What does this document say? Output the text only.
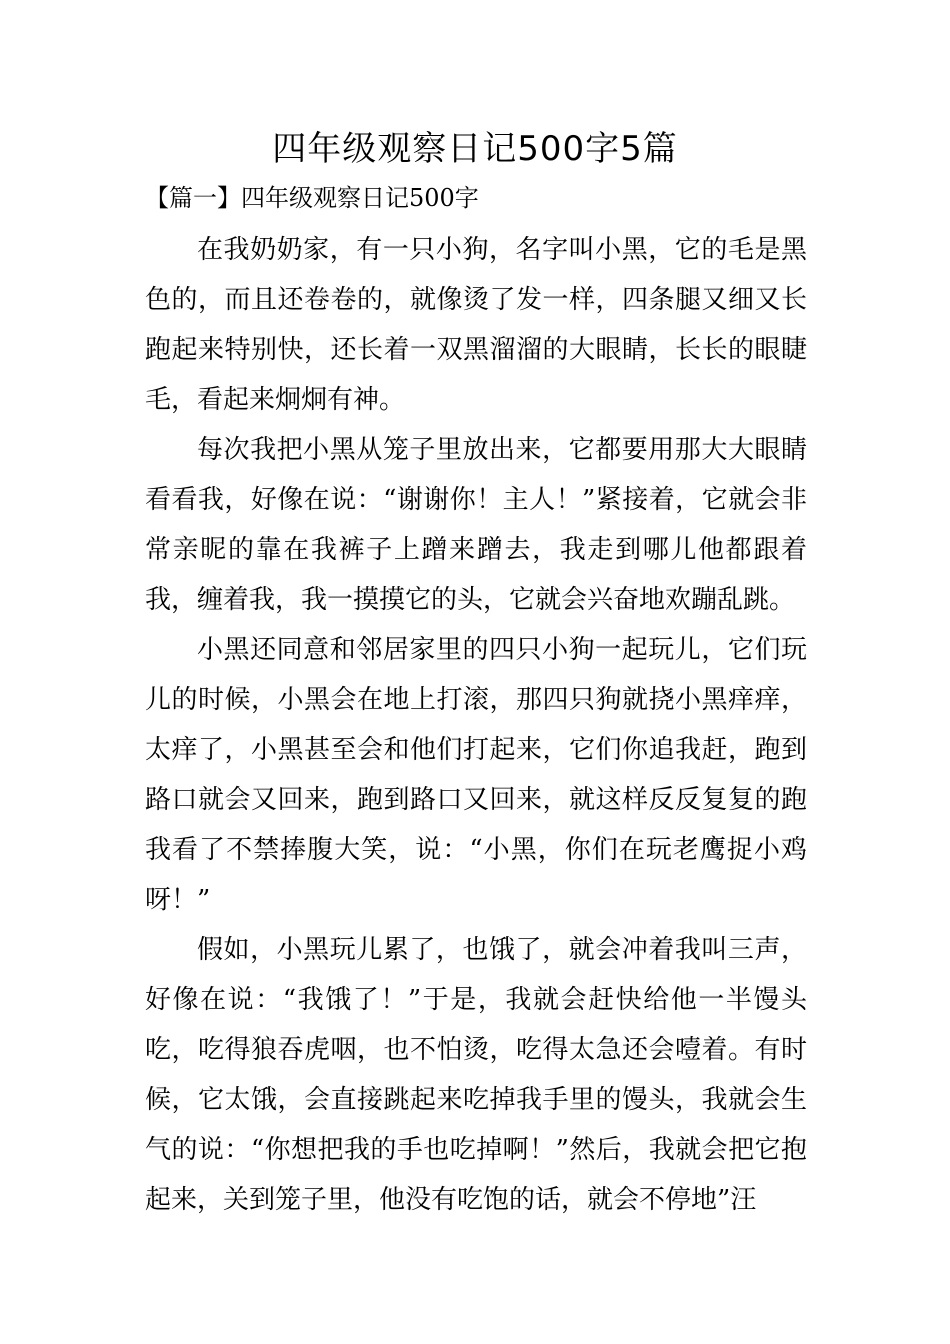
四年级观察日记500字5篇
【篇一】四年级观察日记500字

在我奶奶家，有一只小狗，名字叫小黑，它的毛是黑色的，而且还卷卷的，就像烫了发一样，四条腿又细又长跑起来特别快，还长着一双黑溜溜的大眼睛，长长的眼睫毛，看起来炯炯有神。

每次我把小黑从笼子里放出来，它都要用那大大眼睛看看我，好像在说：“谢谢你！主人！”紧接着，它就会非常亲昵的靠在我裤子上蹭来蹭去，我走到哪儿他都跟着我，缠着我，我一摸摸它的头，它就会兴奋地欢蹦乱跳。

小黑还同意和邻居家里的四只小狗一起玩儿，它们玩儿的时候，小黑会在地上打滚，那四只狗就挠小黑痒痒，太痒了，小黑甚至会和他们打起来，它们你追我赶，跑到路口就会又回来，跑到路口又回来，就这样反反复复的跑我看了不禁捧腹大笑，说：“小黑，你们在玩老鹰捉小鸡呀！”

假如，小黑玩儿累了，也饿了，就会冲着我叫三声，好像在说：“我饿了！”于是，我就会赶快给他一半馒头吃，吃得狼吞虎咽，也不怕烫，吃得太急还会噎着。有时候，它太饿，会直接跳起来吃掉我手里的馒头，我就会生气的说：“你想把我的手也吃掉啊！”然后，我就会把它抱起来，关到笼子里，他没有吃饱的话，就会不停地”汪
